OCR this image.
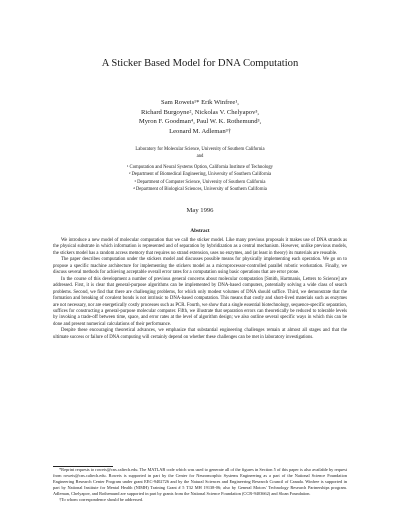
A Sticker Based Model for DNA Computation
Sam Roweis¹* Erik Winfree¹,
Richard Burgoyne², Nickolas V. Chelyapov³,
Myron F. Goodman⁴, Paul W. K. Rothemund³,
Leonard M. Adleman³†
Laboratory for Molecular Science, University of Southern California
and
¹ Computation and Neural Systems Option, California Institute of Technology
² Department of Biomedical Engineering, University of Southern California
³ Department of Computer Science, University of Southern California
⁴ Department of Biological Sciences, University of Southern California
May 1996
Abstract

We introduce a new model of molecular computation that we call the sticker model. Like many previous proposals it makes use of DNA strands as the physical substrate in which information is represented and of separation by hybridization as a central mechanism. However, unlike previous models, the stickers model has a random access memory that requires no strand extension, uses no enzymes, and (at least in theory) its materials are reusable.

The paper describes computation under the stickers model and discusses possible means for physically implementing each operation. We go on to propose a specific machine architecture for implementing the stickers model as a microprocessor-controlled parallel robotic workstation. Finally, we discuss several methods for achieving acceptable overall error rates for a computation using basic operations that are error prone.

In the course of this development a number of previous general concerns about molecular computation [Smith, Hartmanis, Letters to Science] are addressed. First, it is clear that general-purpose algorithms can be implemented by DNA-based computers, potentially solving a wide class of search problems. Second, we find that there are challenging problems, for which only modest volumes of DNA should suffice. Third, we demonstrate that the formation and breaking of covalent bonds is not intrinsic to DNA-based computation. This means that costly and short-lived materials such as enzymes are not necessary, nor are energetically costly processes such as PCR. Fourth, we show that a single essential biotechnology, sequence-specific separation, suffices for constructing a general-purpose molecular computer. Fifth, we illustrate that separation errors can theoretically be reduced to tolerable levels by invoking a trade-off between time, space, and error rates at the level of algorithm design; we also outline several specific ways in which this can be done and present numerical calculations of their performance.

Despite these encouraging theoretical advances, we emphasize that substantial engineering challenges remain at almost all stages and that the ultimate success or failure of DNA computing will certainly depend on whether these challenges can be met in laboratory investigations.

*Reprint requests to roweis@cns.caltech.edu. The MATLAB code which was used to generate all of the figures in Section 5 of this paper is also available by request from roweis@cns.caltech.edu. Roweis is supported in part by the Center for Neuromorphic Systems Engineering as a part of the National Science Foundation Engineering Research Center Program under grant EEC-9402726 and by the Natural Sciences and Engineering Research Council of Canada. Winfree is supported in part by National Institute for Mental Health (NIMH) Training Grant # 5 T32 MH 19138-06; also by General Motors' Technology Research Partnerships program. Adleman, Chelyapov, and Rothemund are supported in part by grants from the National Science Foundation (CCR-9403662) and Sloan Foundation.

†To whom correspondence should be addressed.
